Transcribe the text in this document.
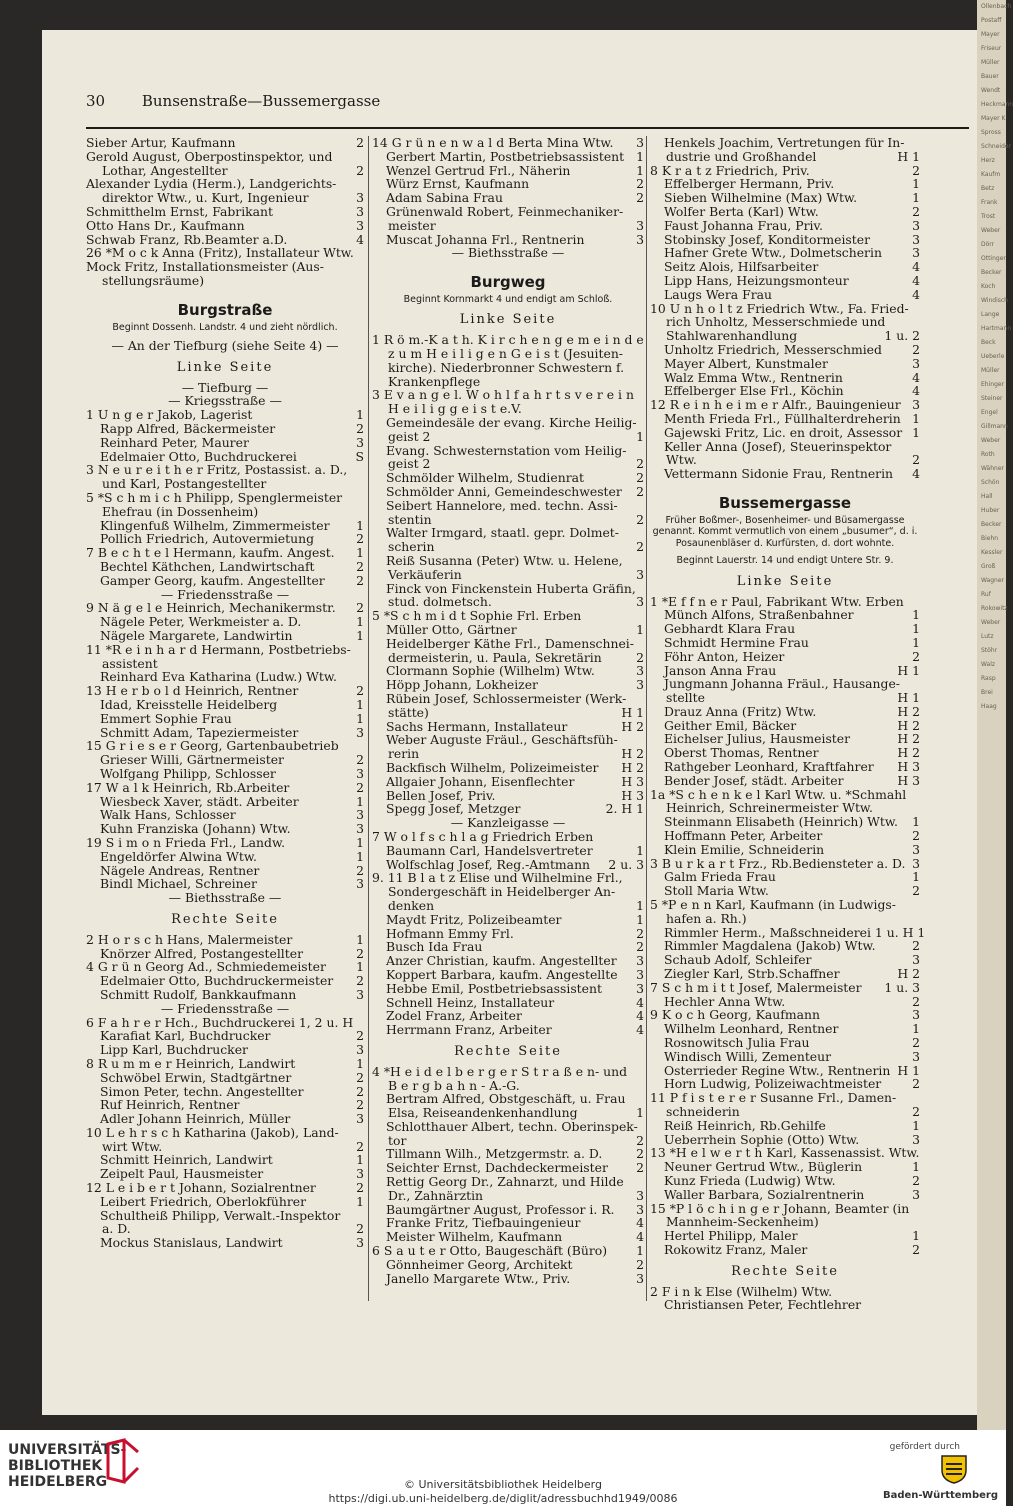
30 Bunsenstraße—Bussemergasse
Sieber Artur, Kaufmann	2
Gerold August, Oberpostinspektor, und
Lothar, Angestellter	2
Alexander Lydia (Herm.), Landgerichts-
direktor Wtw., u. Kurt, Ingenieur	3
Schmitthelm Ernst, Fabrikant	3
Otto Hans Dr., Kaufmann	3
Schwab Franz, Rb.Beamter a.D.	4
26 *M o c k Anna (Fritz), Installateur Wtw.
Mock Fritz, Installationsmeister (Aus-
stellungsräume)
Burgstraße
Beginnt Dossenh. Landstr. 4 und zieht nördlich.
— An der Tiefburg (siehe Seite 4) —
Linke Seite
— Tiefburg —
— Kriegsstraße —
1 U n g e r Jakob, Lagerist	1
Rapp Alfred, Bäckermeister	2
Reinhard Peter, Maurer	3
Edelmaier Otto, Buchdruckerei	S
3 N e u r e i t h e r Fritz, Postassist. a. D.,
und Karl, Postangestellter
5 *S c h m i c h Philipp, Spenglermeister
Ehefrau (in Dossenheim)
Klingenfuß Wilhelm, Zimmermeister	1
Pollich Friedrich, Autovermietung	2
7 B e c h t e l Hermann, kaufm. Angest.	1
Bechtel Käthchen, Landwirtschaft	2
Gamper Georg, kaufm. Angestellter	2
— Friedensstraße —
9 N ä g e l e Heinrich, Mechanikermstr.	2
Nägele Peter, Werkmeister a. D.	1
Nägele Margarete, Landwirtin	1
11 *R e i n h a r d Hermann, Postbetriebs-
assistent
Reinhard Eva Katharina (Ludw.) Wtw.
13 H e r b o l d Heinrich, Rentner	2
Idad, Kreisstelle Heidelberg	1
Emmert Sophie Frau	1
Schmitt Adam, Tapeziermeister	3
15 G r i e s e r Georg, Gartenbaubetrieb
Grieser Willi, Gärtnermeister	2
Wolfgang Philipp, Schlosser	3
17 W a l k Heinrich, Rb.Arbeiter	2
Wiesbeck Xaver, städt. Arbeiter	1
Walk Hans, Schlosser	3
Kuhn Franziska (Johann) Wtw.	3
19 S i m o n Frieda Frl., Landw.	1
Engeldörfer Alwina Wtw.	1
Nägele Andreas, Rentner	2
Bindl Michael, Schreiner	3
— Biethsstraße —
Rechte Seite
2 H o r s c h Hans, Malermeister	1
Knörzer Alfred, Postangestellter	2
4 G r ü n Georg Ad., Schmiedemeister	1
Edelmaier Otto, Buchdruckermeister	2
Schmitt Rudolf, Bankkaufmann	3
— Friedensstraße —
6 F a h r e r Hch., Buchdruckerei 1, 2 u. H
Karafiat Karl, Buchdrucker	2
Lipp Karl, Buchdrucker	3
8 R u m m e r Heinrich, Landwirt	1
Schwöbel Erwin, Stadtgärtner	2
Simon Peter, techn. Angestellter	2
Ruf Heinrich, Rentner	2
Adler Johann Heinrich, Müller	3
10 L e h r s c h Katharina (Jakob), Land-
wirt Wtw.	2
Schmitt Heinrich, Landwirt	1
Zeipelt Paul, Hausmeister	3
12 L e i b e r t Johann, Sozialrentner	2
Leibert Friedrich, Oberlokführer	1
Schultheiß Philipp, Verwalt.-Inspektor
a. D.	2
Mockus Stanislaus, Landwirt	3
14 G r ü n e n w a l d Berta Mina Wtw.	3
Gerbert Martin, Postbetriebsassistent 1
Wenzel Gertrud Frl., Näherin	1
Würz Ernst, Kaufmann	2
Adam Sabina Frau	2
Grünenwald Robert, Feinmechaniker-
meister	3
Muscat Johanna Frl., Rentnerin	3
— Biethsstraße —
Burgweg
Beginnt Kornmarkt 4 und endigt am Schloß.
Linke Seite
1 R ö m.-K a t h. K i r c h e n g e m e i n d e
z u m H e i l i g e n G e i s t (Jesuiten-
kirche). Niederbronner Schwestern f.
Krankenpflege
3 E v a n g e l. W o h l f a h r t s v e r e i n
H e i l i g g e i s t e.V.
Gemeindesäle der evang. Kirche Heilig-
geist 2	1
Evang. Schwesternstation vom Heilig-
geist 2	2
Schmölder Wilhelm, Studienrat	2
Schmölder Anni, Gemeindeschwester	2
Seibert Hannelore, med. techn. Assi-
stentin	2
Walter Irmgard, staatl. gepr. Dolmet-
scherin	2
Reiß Susanna (Peter) Wtw. u. Helene,
Verkäuferin	3
Finck von Finckenstein Huberta Gräfin,
stud. dolmetsch.	3
5 *S c h m i d t Sophie Frl. Erben
Müller Otto, Gärtner	1
Heidelberger Käthe Frl., Damenschnei-
dermeisterin, u. Paula, Sekretärin	2
Clormann Sophie (Wilhelm) Wtw.	3
Höpp Johann, Lokheizer	3
Rübein Josef, Schlossermeister (Werk-
stätte)	H 1
Sachs Hermann, Installateur	H 2
Weber Auguste Fräul., Geschäftsfüh-
rerin	H 2
Backfisch Wilhelm, Polizeimeister	H 2
Allgaier Johann, Eisenflechter	H 3
Bellen Josef, Priv.	H 3
Spegg Josef, Metzger	2. H 1
— Kanzleigasse —
7 W o l f s c h l a g Friedrich Erben
Baumann Carl, Handelsvertreter	1
Wolfschlag Josef, Reg.-Amtmann	2 u. 3
9. 11 B l a t z Elise und Wilhelmine Frl.,
Sondergeschäft in Heidelberger An-
denken	1
Maydt Fritz, Polizeibeamter	1
Hofmann Emmy Frl.	2
Busch Ida Frau	2
Anzer Christian, kaufm. Angestellter	3
Koppert Barbara, kaufm. Angestellte	3
Hebbe Emil, Postbetriebsassistent	3
Schnell Heinz, Installateur	4
Zodel Franz, Arbeiter	4
Herrmann Franz, Arbeiter	4
Rechte Seite
4 *H e i d e l b e r g e r S t r a ß e n- und
B e r g b a h n - A.-G.
Bertram Alfred, Obstgeschäft, u. Frau
Elsa, Reiseandenkenhandlung	1
Schlotthauer Albert, techn. Oberinspek-
tor	2
Tillmann Wilh., Metzgermstr. a. D.	2
Seichter Ernst, Dachdeckermeister	2
Rettig Georg Dr., Zahnarzt, und Hilde
Dr., Zahnärztin	3
Baumgärtner August, Professor i. R.	3
Franke Fritz, Tiefbauingenieur	4
Meister Wilhelm, Kaufmann	4
6 S a u t e r Otto, Baugeschäft (Büro)	1
Gönnheimer Georg, Architekt	2
Janello Margarete Wtw., Priv.	3
Henkels Joachim, Vertretungen für In-
dustrie und Großhandel	H 1
8 K r a t z Friedrich, Priv.	2
Effelberger Hermann, Priv.	1
Sieben Wilhelmine (Max) Wtw.	1
Wolfer Berta (Karl) Wtw.	2
Faust Johanna Frau, Priv.	3
Stobinsky Josef, Konditormeister	3
Hafner Grete Wtw., Dolmetscherin	3
Seitz Alois, Hilfsarbeiter	4
Lipp Hans, Heizungsmonteur	4
Laugs Wera Frau	4
10 U n h o l t z Friedrich Wtw., Fa. Fried-
rich Unholtz, Messerschmiede und
Stahlwarenhandlung	1 u. 2
Unholtz Friedrich, Messerschmied	2
Mayer Albert, Kunstmaler	3
Walz Emma Wtw., Rentnerin	4
Effelberger Else Frl., Köchin	4
12 R e i n h e i m e r Alfr., Bauingenieur 3
Menth Frieda Frl., Füllhalterdreherin 1
Gajewski Fritz, Lic. en droit, Assessor 1
Keller Anna (Josef), Steuerinspektor
Wtw.	2
Vettermann Sidonie Frau, Rentnerin	4
Bussemergasse
Früher Boßmer-, Bosenheimer- und Büsamergasse genannt. Kommt vermutlich von einem „busumer“, d. i. Posaunenbläser d. Kurfürsten, d. dort wohnte.
Beginnt Lauerstr. 14 und endigt Untere Str. 9.
Linke Seite
1 *E f f n e r Paul, Fabrikant Wtw. Erben
Münch Alfons, Straßenbahner	1
Gebhardt Klara Frau	1
Schmidt Hermine Frau	1
Föhr Anton, Heizer	2
Janson Anna Frau	H 1
Jungmann Johanna Fräul., Hausange-
stellte	H 1
Drauz Anna (Fritz) Wtw.	H 2
Geither Emil, Bäcker	H 2
Eichelser Julius, Hausmeister	H 2
Oberst Thomas, Rentner	H 2
Rathgeber Leonhard, Kraftfahrer	H 3
Bender Josef, städt. Arbeiter	H 3
1a *S c h e n k e l Karl Wtw. u. *Schmahl
Heinrich, Schreinermeister Wtw.
Steinmann Elisabeth (Heinrich) Wtw.	1
Hoffmann Peter, Arbeiter	2
Klein Emilie, Schneiderin	3
3 B u r k a r t Frz., Rb.Bediensteter a. D. 3
Galm Frieda Frau	1
Stoll Maria Wtw.	2
5 *P e n n Karl, Kaufmann (in Ludwigs-
hafen a. Rh.)
Rimmler Herm., Maßschneiderei 1 u. H 1
Rimmler Magdalena (Jakob) Wtw.	2
Schaub Adolf, Schleifer	3
Ziegler Karl, Strb.Schaffner	H 2
7 S c h m i t t Josef, Malermeister	1 u. 3
Hechler Anna Wtw.	2
9 K o c h Georg, Kaufmann	3
Wilhelm Leonhard, Rentner	1
Rosnowitsch Julia Frau	2
Windisch Willi, Zementeur	3
Osterrieder Regine Wtw., Rentnerin H 1
Horn Ludwig, Polizeiwachtmeister	2
11 P f i s t e r e r Susanne Frl., Damen-
schneiderin	2
Reiß Heinrich, Rb.Gehilfe	1
Ueberrhein Sophie (Otto) Wtw.	3
13 *H e l w e r t h Karl, Kassenassist. Wtw.
Neuner Gertrud Wtw., Büglerin	1
Kunz Frieda (Ludwig) Wtw.	2
Waller Barbara, Sozialrentnerin	3
15 *P l ö c h i n g e r Johann, Beamter (in
Mannheim-Seckenheim)
Hertel Philipp, Maler	1
Rokowitz Franz, Maler	2
Rechte Seite
2 F i n k Else (Wilhelm) Wtw.
Christiansen Peter, Fechtlehrer
Ollenbach
Postaff
Mayer
Friseur
Müller
Bauer
Wendt
Heckmann
Mayer K
Spross
Schneider
Herz
Kaufm
Betz
Frank
Trost
Weber
Dörr
Ottinger
Becker
Koch
Windisch
Lange
Hartmann
Beck
Ueberle
Müller
Ehinger
Steiner
Engel
Gillmann
Weber
Roth
Wähner
Schön
Hall
Huber
Becker
Biehn
Kessler
Groß
Wagner
Ruf
Rokowitz
Weber
Lutz
Stöhr
Walz
Rasp
Brei
Haag
UNIVERSITÄTS-
BIBLIOTHEK
HEIDELBERG	© Universitätsbibliothek Heidelberg
https://digi.ub.uni-heidelberg.de/diglit/adressbuchhd1949/0086
gefördert durch
Baden-Württemberg
